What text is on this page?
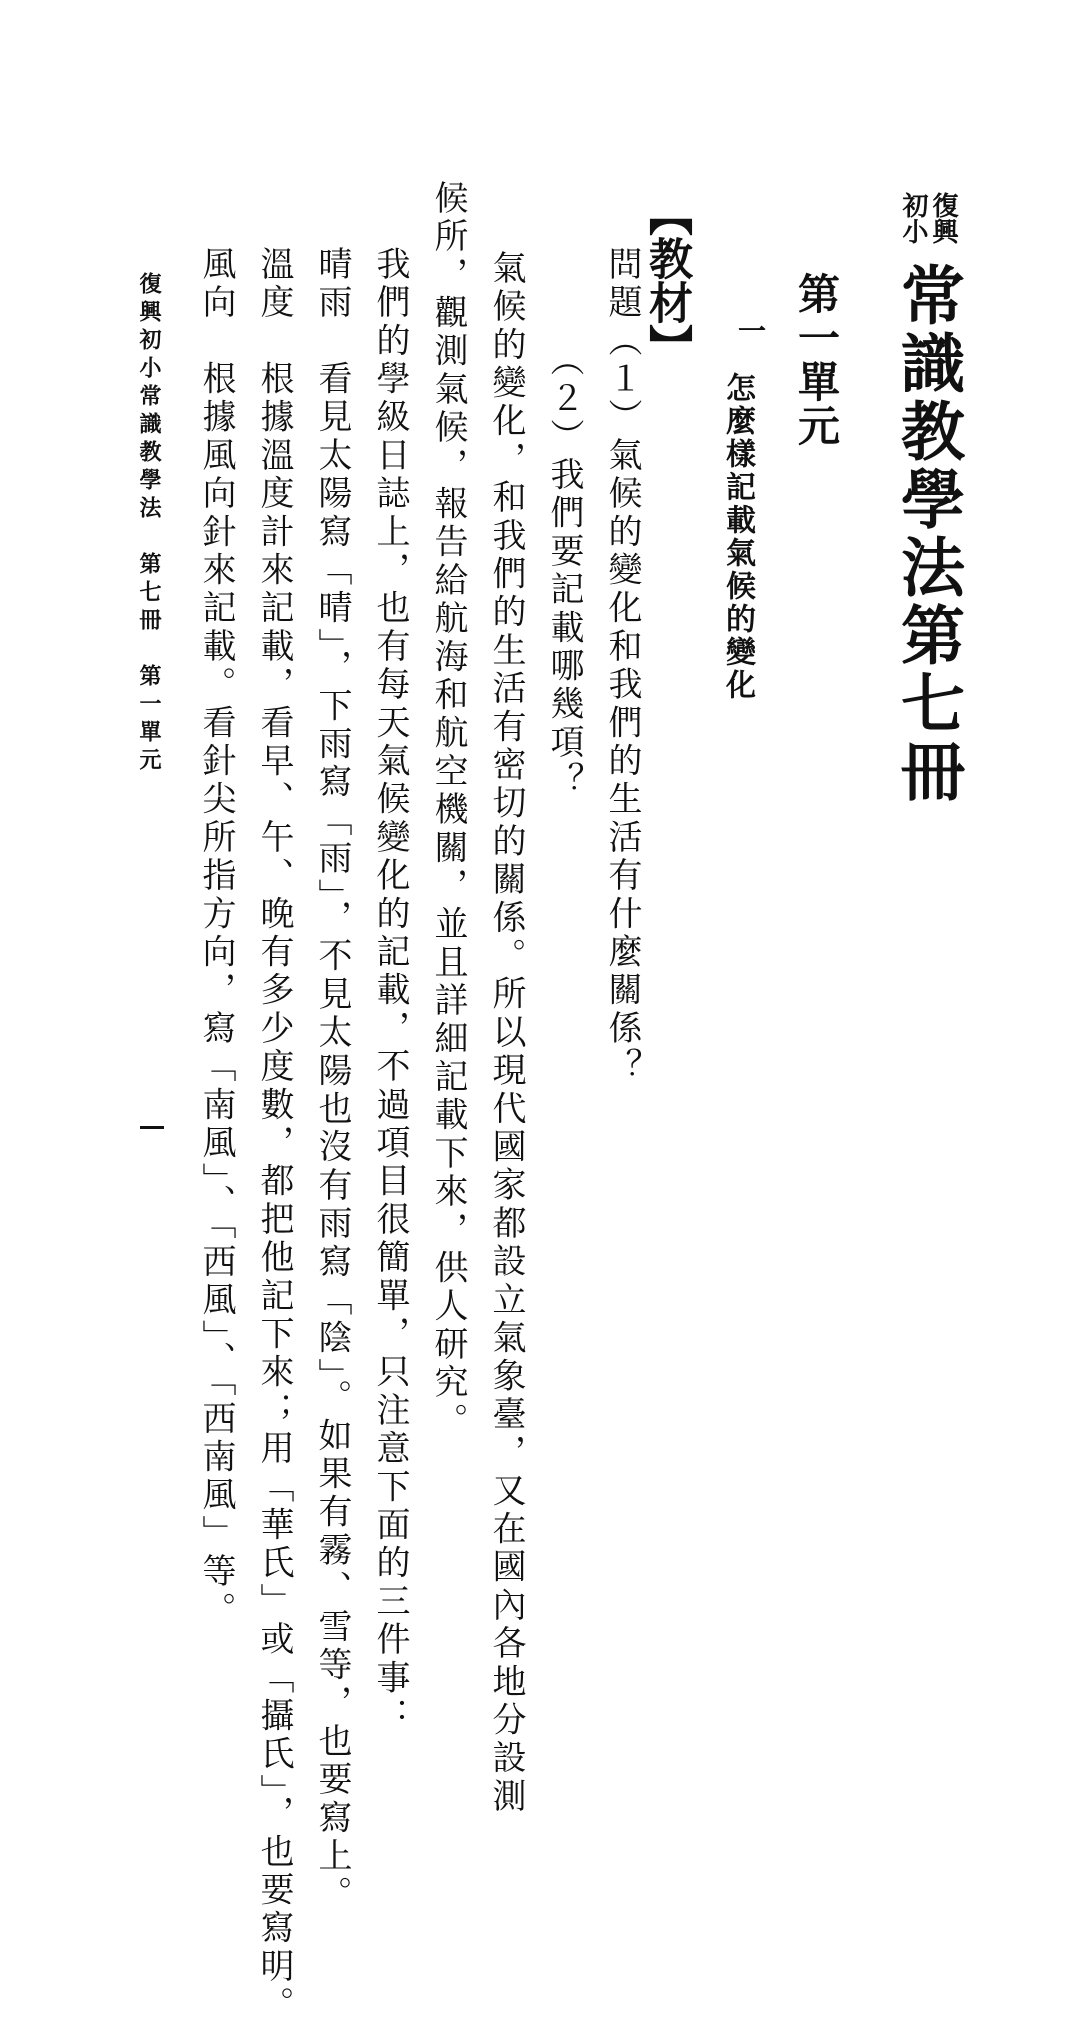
復興
初小
常識教學法第七冊
第一單元
一
怎麼樣記載氣候的變化
【教材】
問題（１）氣候的變化和我們的生活有什麼關係？
（２）我們要記載哪幾項？
氣候的變化，和我們的生活有密切的關係。所以現代國家都設立氣象臺，又在國內各地分設測
候所，觀測氣候，報告給航海和航空機關，並且詳細記載下來，供人研究。
我們的學級日誌上，也有每天氣候變化的記載，不過項目很簡單，只注意下面的三件事：
晴雨　看見太陽寫「晴」，下雨寫「雨」，不見太陽也沒有雨寫「陰」。如果有霧、雪等，也要寫上。
溫度　根據溫度計來記載，看早、午、晚有多少度數，都把他記下來；用「華氏」或「攝氏」，也要寫明。
風向　根據風向針來記載。看針尖所指方向，寫「南風」、「西風」、「西南風」等。
復興初小常識教學法　第七冊　第一單元
